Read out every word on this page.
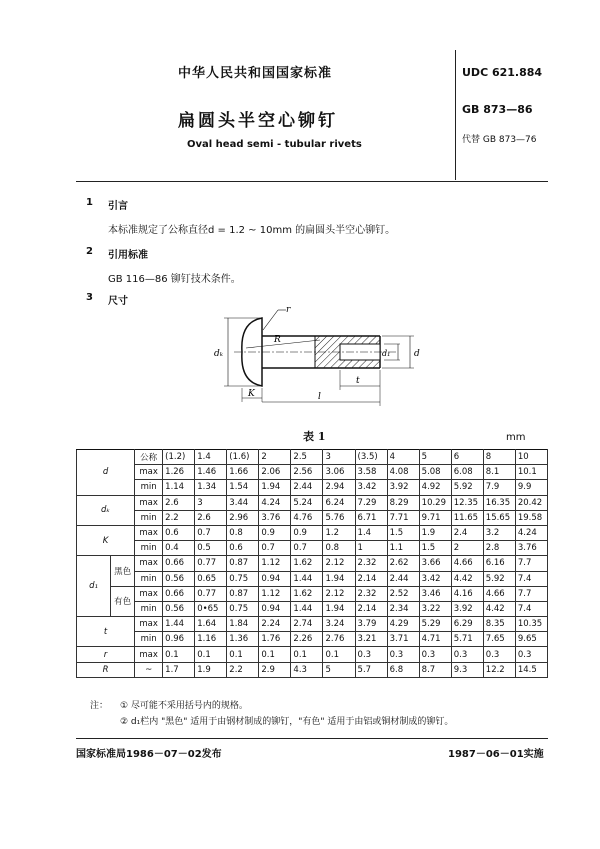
中华人民共和国国家标准
扁圆头半空心铆钉
Oval head semi - tubular rivets
UDC 621.884
GB 873—86
代替 GB 873—76
1 引言
本标准规定了公称直径d = 1.2 ~ 10mm 的扁圆头半空心铆钉。
2 引用标准
GB 116—86 铆钉技术条件。
3 尺寸
R
r
dₖ	d₁	d
K
t
l
表 1	mm
d		公称	(1.2)	1.4	(1.6)	2	2.5	3	(3.5)	4	5	6	8	10
		max	1.26	1.46	1.66	2.06	2.56	3.06	3.58	4.08	5.08	6.08	8.1	10.1
		min	1.14	1.34	1.54	1.94	2.44	2.94	3.42	3.92	4.92	5.92	7.9	9.9
dₖ		max	2.6	3	3.44	4.24	5.24	6.24	7.29	8.29	10.29	12.35	16.35	20.42
		min	2.2	2.6	2.96	3.76	4.76	5.76	6.71	7.71	9.71	11.65	15.65	19.58
K		max	0.6	0.7	0.8	0.9	0.9	1.2	1.4	1.5	1.9	2.4	3.2	4.24
		min	0.4	0.5	0.6	0.7	0.7	0.8	1	1.1	1.5	2	2.8	3.76
d₁	黑色	max	0.66	0.77	0.87	1.12	1.62	2.12	2.32	2.62	3.66	4.66	6.16	7.7
		min	0.56	0.65	0.75	0.94	1.44	1.94	2.14	2.44	3.42	4.42	5.92	7.4
	有色	max	0.66	0.77	0.87	1.12	1.62	2.12	2.32	2.52	3.46	4.16	4.66	7.7
		min	0.56	0•65	0.75	0.94	1.44	1.94	2.14	2.34	3.22	3.92	4.42	7.4
t		max	1.44	1.64	1.84	2.24	2.74	3.24	3.79	4.29	5.29	6.29	8.35	10.35
		min	0.96	1.16	1.36	1.76	2.26	2.76	3.21	3.71	4.71	5.71	7.65	9.65
r		max	0.1	0.1	0.1	0.1	0.1	0.1	0.3	0.3	0.3	0.3	0.3	0.3
R		~	1.7	1.9	2.2	2.9	4.3	5	5.7	6.8	8.7	9.3	12.2	14.5
注： ① 尽可能不采用括号内的规格。
② d₁栏内 "黑色" 适用于由钢材制成的铆钉，"有色" 适用于由铝或铜材制成的铆钉。
国家标准局1986－07－02发布	1987－06－01实施
